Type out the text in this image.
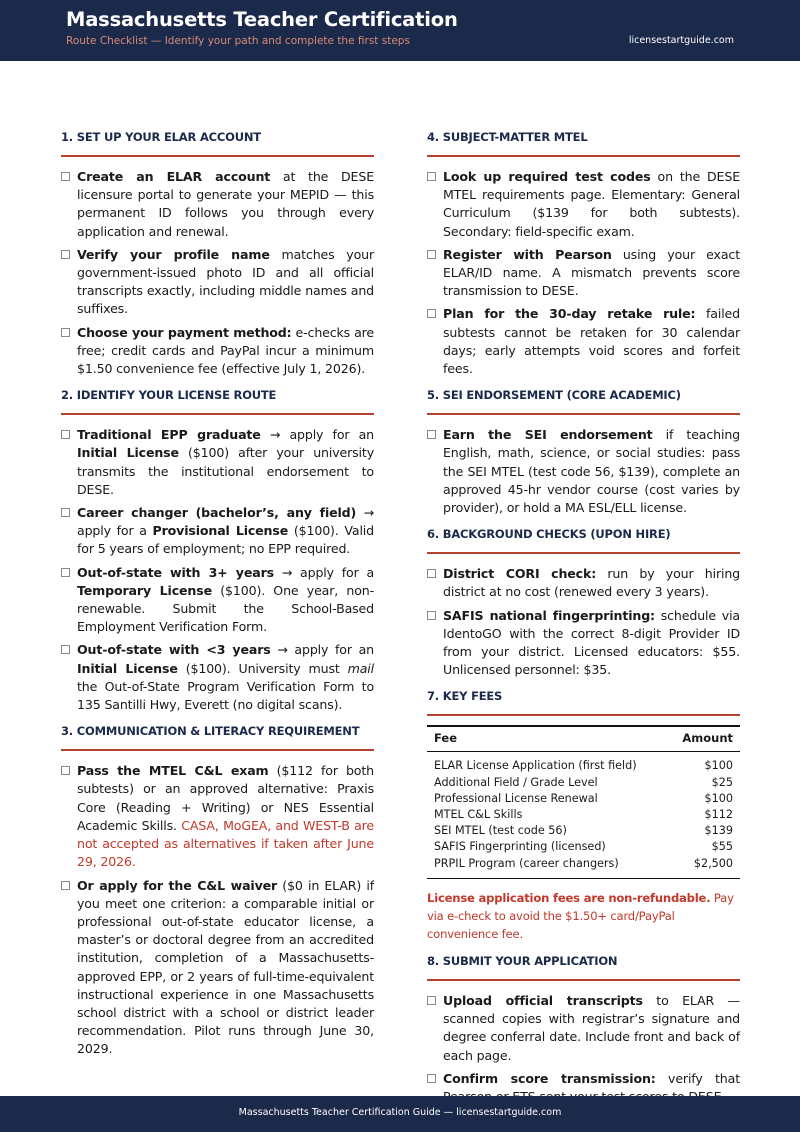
Massachusetts Teacher Certification
Route Checklist — Identify your path and complete the first steps	licensestartguide.com
1. SET UP YOUR ELAR ACCOUNT
Create an ELAR account at the DESE licensure portal to generate your MEPID — this permanent ID follows you through every application and renewal.
Verify your profile name matches your government-issued photo ID and all official transcripts exactly, including middle names and suffixes.
Choose your payment method: e-checks are free; credit cards and PayPal incur a minimum $1.50 convenience fee (effective July 1, 2026).
2. IDENTIFY YOUR LICENSE ROUTE
Traditional EPP graduate → apply for an Initial License ($100) after your university transmits the institutional endorsement to DESE.
Career changer (bachelor’s, any field) → apply for a Provisional License ($100). Valid for 5 years of employment; no EPP required.
Out-of-state with 3+ years → apply for a Temporary License ($100). One year, non-renewable. Submit the School-Based Employment Verification Form.
Out-of-state with <3 years → apply for an Initial License ($100). University must mail the Out-of-State Program Verification Form to 135 Santilli Hwy, Everett (no digital scans).
3. COMMUNICATION & LITERACY REQUIREMENT
Pass the MTEL C&L exam ($112 for both subtests) or an approved alternative: Praxis Core (Reading + Writing) or NES Essential Academic Skills. CASA, MoGEA, and WEST-B are not accepted as alternatives if taken after June 29, 2026.
Or apply for the C&L waiver ($0 in ELAR) if you meet one criterion: a comparable initial or professional out-of-state educator license, a master’s or doctoral degree from an accredited institution, completion of a Massachusetts-approved EPP, or 2 years of full-time-equivalent instructional experience in one Massachusetts school district with a school or district leader recommendation. Pilot runs through June 30, 2029.
4. SUBJECT-MATTER MTEL
Look up required test codes on the DESE MTEL requirements page. Elementary: General Curriculum ($139 for both subtests). Secondary: field-specific exam.
Register with Pearson using your exact ELAR/ID name. A mismatch prevents score transmission to DESE.
Plan for the 30-day retake rule: failed subtests cannot be retaken for 30 calendar days; early attempts void scores and forfeit fees.
5. SEI ENDORSEMENT (CORE ACADEMIC)
Earn the SEI endorsement if teaching English, math, science, or social studies: pass the SEI MTEL (test code 56, $139), complete an approved 45-hr vendor course (cost varies by provider), or hold a MA ESL/ELL license.
6. BACKGROUND CHECKS (UPON HIRE)
District CORI check: run by your hiring district at no cost (renewed every 3 years).
SAFIS national fingerprinting: schedule via IdentoGO with the correct 8-digit Provider ID from your district. Licensed educators: $55. Unlicensed personnel: $35.
7. KEY FEES
Fee	Amount
ELAR License Application (first field)	$100
Additional Field / Grade Level	$25
Professional License Renewal	$100
MTEL C&L Skills	$112
SEI MTEL (test code 56)	$139
SAFIS Fingerprinting (licensed)	$55
PRPIL Program (career changers)	$2,500
License application fees are non-refundable. Pay via e-check to avoid the $1.50+ card/PayPal convenience fee.
8. SUBMIT YOUR APPLICATION
Upload official transcripts to ELAR — scanned copies with registrar’s signature and degree conferral date. Include front and back of each page.
Confirm score transmission: verify that
Massachusetts Teacher Certification Guide — licensestartguide.com
